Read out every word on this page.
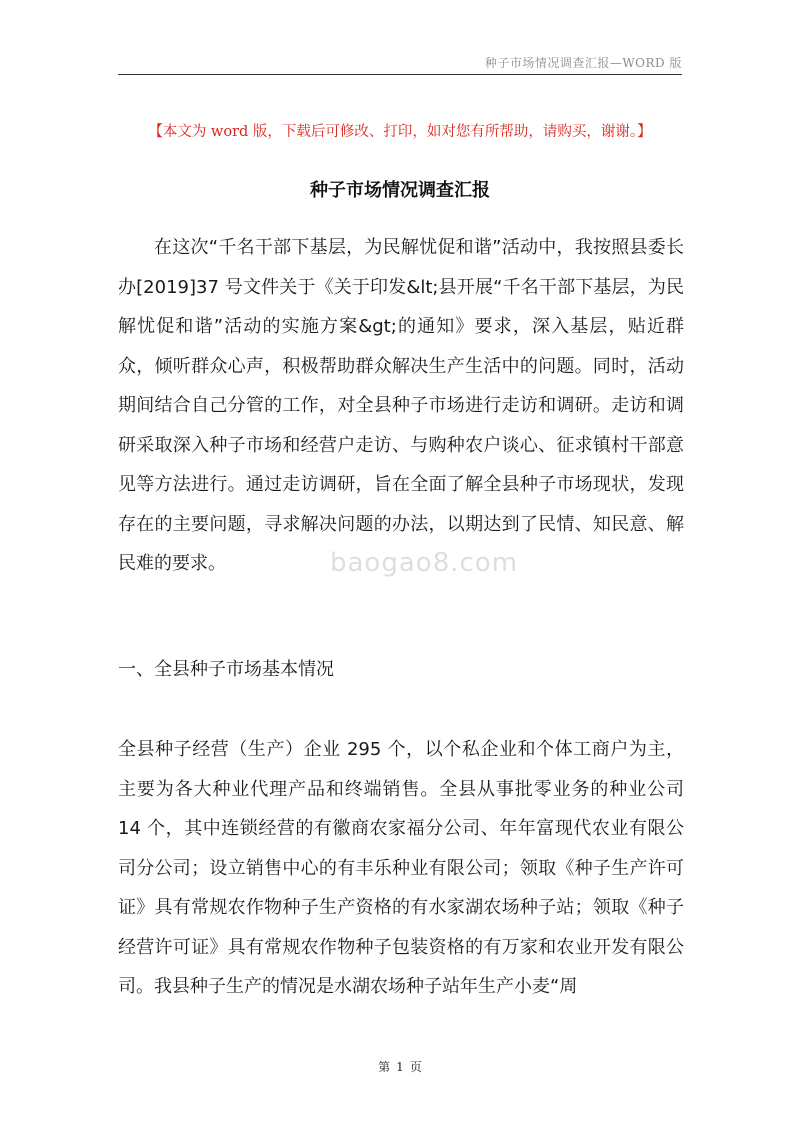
种子市场情况调查汇报—WORD 版
【本文为 word 版，下载后可修改、打印，如对您有所帮助，请购买，谢谢。】
种子市场情况调查汇报
在这次“千名干部下基层，为民解忧促和谐”活动中，我按照县委长办[2019]37 号文件关于《关于印发&lt;县开展“千名干部下基层，为民解忧促和谐”活动的实施方案&gt;的通知》要求，深入基层，贴近群众，倾听群众心声，积极帮助群众解决生产生活中的问题。同时，活动期间结合自己分管的工作，对全县种子市场进行走访和调研。走访和调研采取深入种子市场和经营户走访、与购种农户谈心、征求镇村干部意见等方法进行。通过走访调研，旨在全面了解全县种子市场现状，发现存在的主要问题，寻求解决问题的办法，以期达到了民情、知民意、解民难的要求。	baogao8.com
一、全县种子市场基本情况
全县种子经营（生产）企业 295 个，以个私企业和个体工商户为主，主要为各大种业代理产品和终端销售。全县从事批零业务的种业公司 14 个，其中连锁经营的有徽商农家福分公司、年年富现代农业有限公司分公司；设立销售中心的有丰乐种业有限公司；领取《种子生产许可证》具有常规农作物种子生产资格的有水家湖农场种子站；领取《种子经营许可证》具有常规农作物种子包装资格的有万家和农业开发有限公司。我县种子生产的情况是水湖农场种子站年生产小麦“周
第 1 页
